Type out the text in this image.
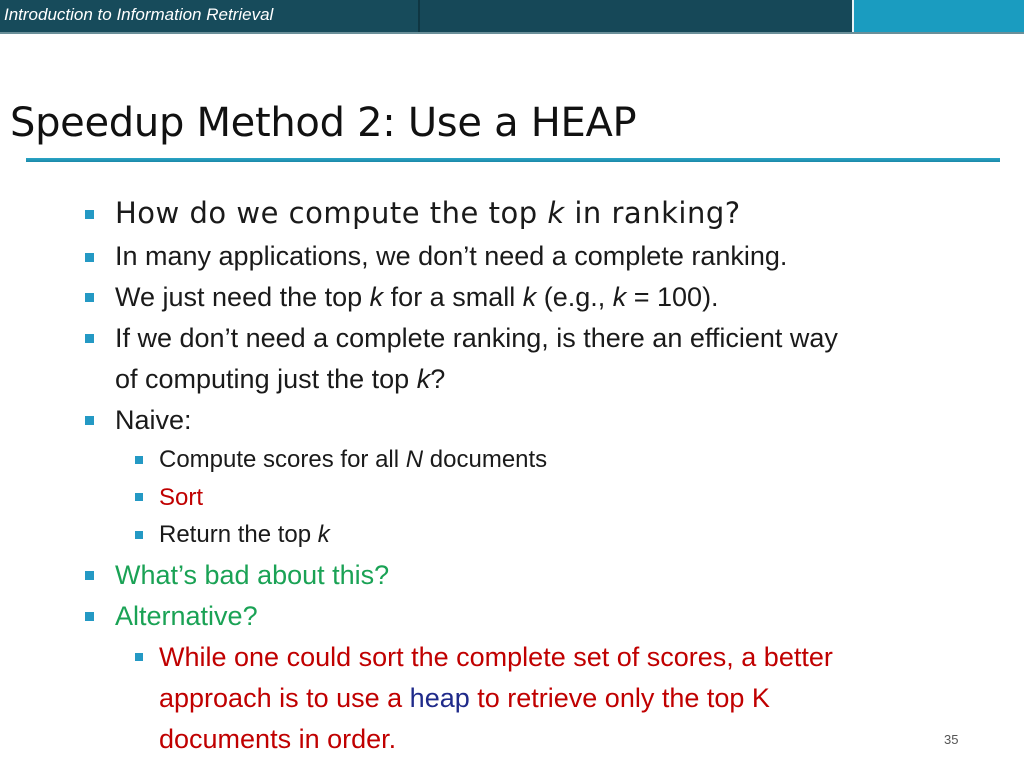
Introduction to Information Retrieval
Speedup Method 2: Use a HEAP
How do we compute the top k in ranking?
In many applications, we don’t need a complete ranking.
We just need the top k for a small k (e.g., k = 100).
If we don’t need a complete ranking, is there an efficient way
of computing just the top k?
Naive:
Compute scores for all N documents
Sort
Return the top k
What’s bad about this?
Alternative?
While one could sort the complete set of scores, a better
approach is to use a heap to retrieve only the top K
documents in order.	35
